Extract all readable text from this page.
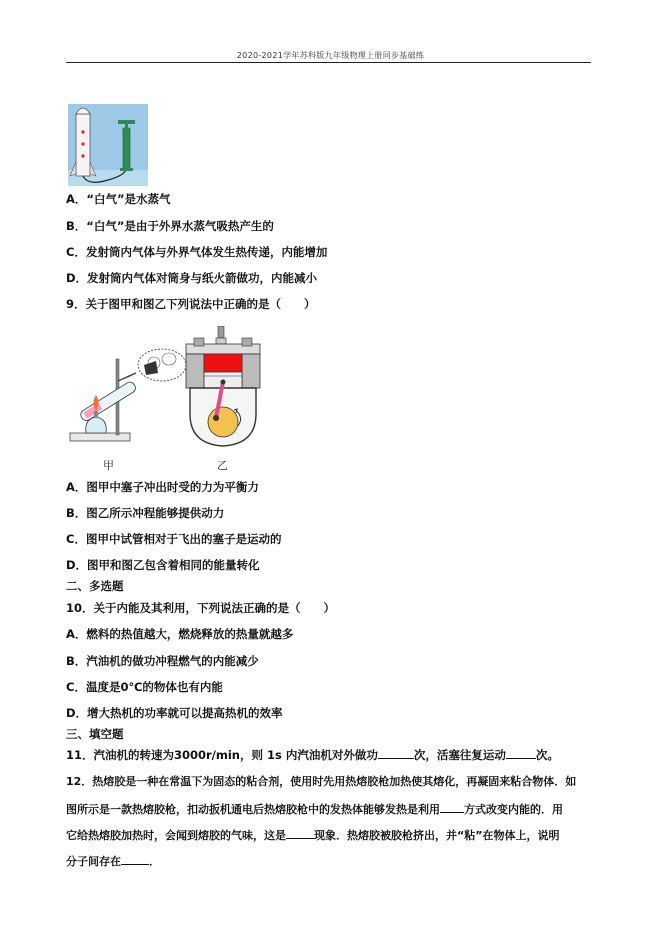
2020-2021学年苏科版九年级物理上册同步基础练
A．“白气”是水蒸气
B．“白气”是由于外界水蒸气吸热产生的
C．发射筒内气体与外界气体发生热传递，内能增加
D．发射筒内气体对筒身与纸火箭做功，内能减小
9．关于图甲和图乙下列说法中正确的是（　　）
甲	乙
A．图甲中塞子冲出时受的力为平衡力
B．图乙所示冲程能够提供动力
C．图甲中试管相对于飞出的塞子是运动的
D．图甲和图乙包含着相同的能量转化
二、多选题
10．关于内能及其利用，下列说法正确的是（　　）
A．燃料的热值越大，燃烧释放的热量就越多
B．汽油机的做功冲程燃气的内能减少
C．温度是0℃的物体也有内能
D．增大热机的功率就可以提高热机的效率
三、填空题
11．汽油机的转速为3000r/min，则 1s 内汽油机对外做功	次，活塞往复运动	次。
12．热熔胶是一种在常温下为固态的粘合剂，使用时先用热熔胶枪加热使其熔化，再凝固来粘合物体．如
图所示是一款热熔胶枪，扣动扳机通电后热熔胶枪中的发热体能够发热是利用 方式改变内能的．用
它给热熔胶加热时，会闻到熔胶的气味，这是	现象．热熔胶被胶枪挤出，并“粘”在物体上，说明
分子间存在	．
